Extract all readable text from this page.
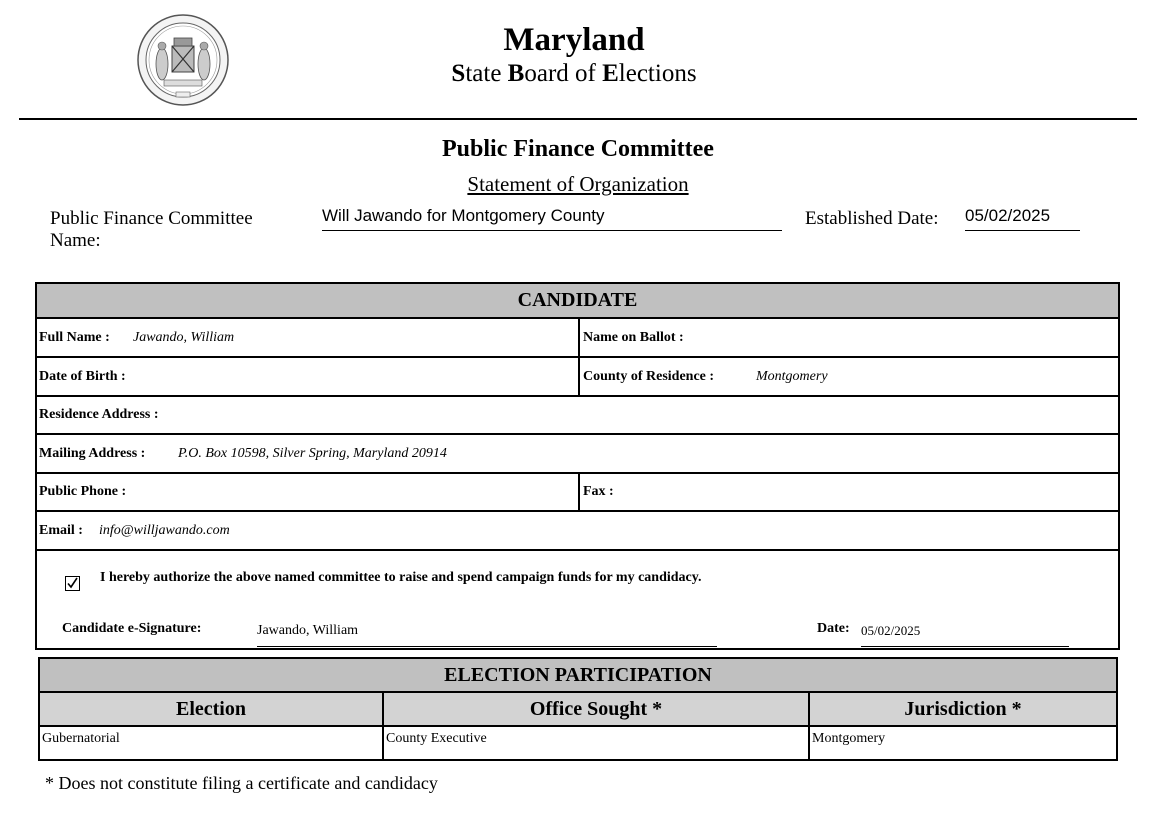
Maryland
State Board of Elections
Public Finance Committee
Statement of Organization
Public Finance Committee Name:
Will Jawando for Montgomery County	Established Date: 05/02/2025
CANDIDATE
Full Name : Jawando, William	Name on Ballot :
Date of Birth :	County of Residence :	Montgomery
Residence Address :
Mailing Address : P.O. Box 10598, Silver Spring, Maryland 20914
Public Phone :	Fax :
Email : info@willjawando.com
I hereby authorize the above named committee to raise and spend campaign funds for my candidacy.
Candidate e-Signature:	Jawando, William	Date: 05/02/2025
ELECTION PARTICIPATION
Election	Office Sought *	Jurisdiction *
Gubernatorial	County Executive	Montgomery
* Does not constitute filing a certificate and candidacy
